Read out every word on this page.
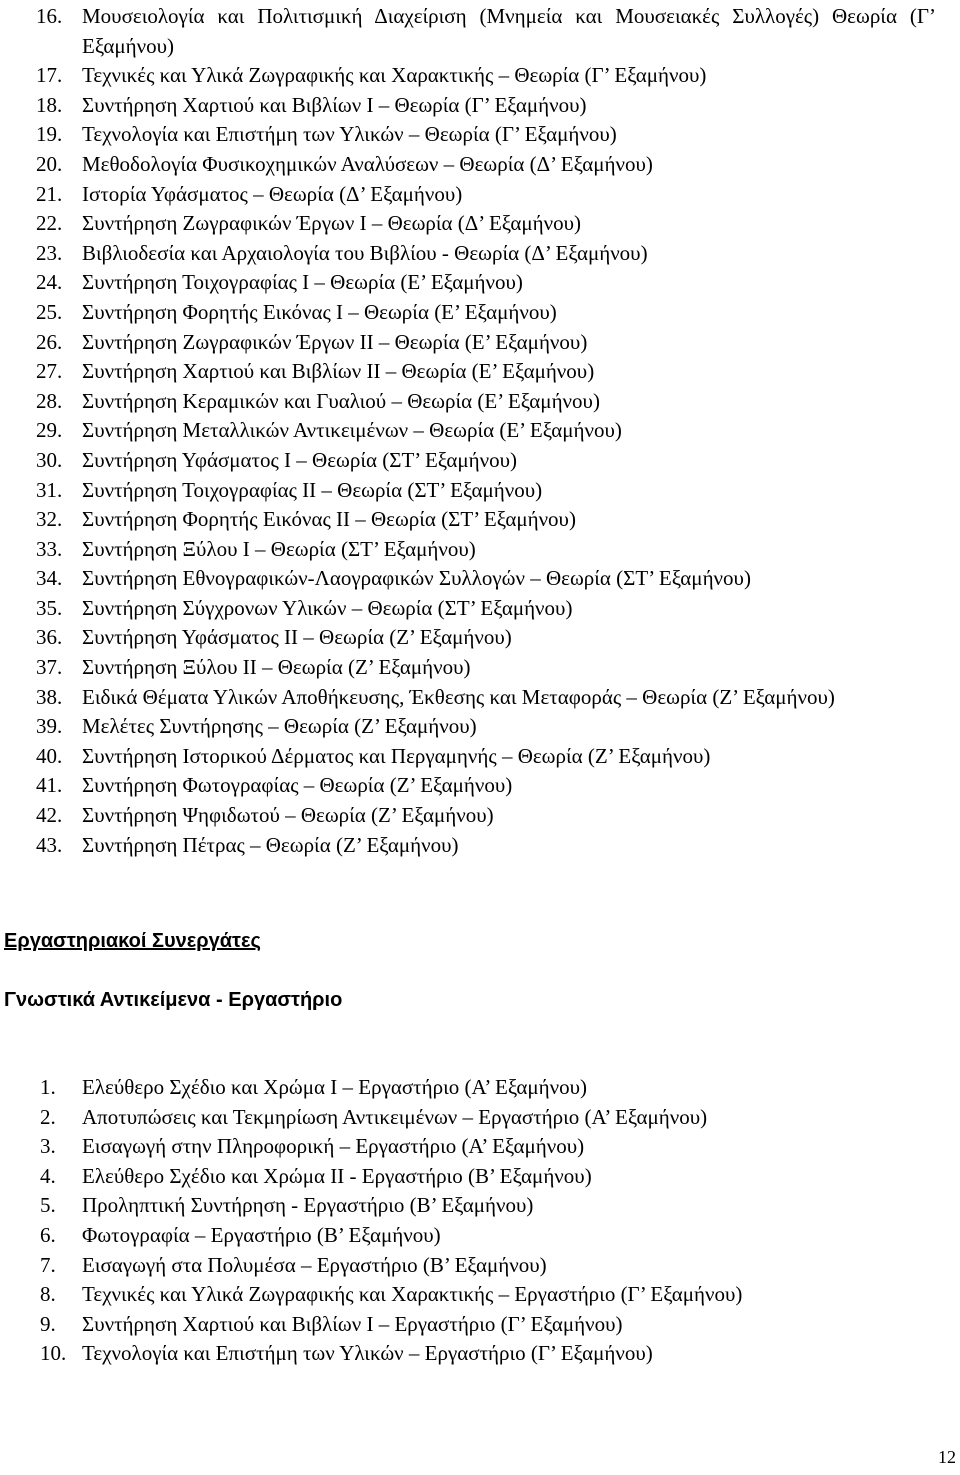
16. Μουσειολογία και Πολιτισμική Διαχείριση (Μνημεία και Μουσειακές Συλλογές) Θεωρία (Γ’ Εξαμήνου)
17. Τεχνικές και Υλικά Ζωγραφικής και Χαρακτικής – Θεωρία (Γ’ Εξαμήνου)
18. Συντήρηση Χαρτιού και Βιβλίων Ι – Θεωρία (Γ’ Εξαμήνου)
19. Τεχνολογία και Επιστήμη των Υλικών – Θεωρία (Γ’ Εξαμήνου)
20. Μεθοδολογία Φυσικοχημικών Αναλύσεων – Θεωρία (Δ’ Εξαμήνου)
21. Ιστορία Υφάσματος – Θεωρία (Δ’ Εξαμήνου)
22. Συντήρηση Ζωγραφικών Έργων Ι – Θεωρία (Δ’ Εξαμήνου)
23. Βιβλιοδεσία και Αρχαιολογία του Βιβλίου - Θεωρία (Δ’ Εξαμήνου)
24. Συντήρηση Τοιχογραφίας Ι – Θεωρία (Ε’ Εξαμήνου)
25. Συντήρηση Φορητής Εικόνας Ι – Θεωρία (Ε’ Εξαμήνου)
26. Συντήρηση Ζωγραφικών Έργων ΙΙ – Θεωρία (Ε’ Εξαμήνου)
27. Συντήρηση Χαρτιού και Βιβλίων ΙΙ – Θεωρία (Ε’ Εξαμήνου)
28. Συντήρηση Κεραμικών και Γυαλιού – Θεωρία (Ε’ Εξαμήνου)
29. Συντήρηση Μεταλλικών Αντικειμένων – Θεωρία (Ε’ Εξαμήνου)
30. Συντήρηση Υφάσματος Ι – Θεωρία (ΣΤ’ Εξαμήνου)
31. Συντήρηση Τοιχογραφίας ΙΙ – Θεωρία (ΣΤ’ Εξαμήνου)
32. Συντήρηση Φορητής Εικόνας ΙΙ – Θεωρία (ΣΤ’ Εξαμήνου)
33. Συντήρηση Ξύλου Ι – Θεωρία (ΣΤ’ Εξαμήνου)
34. Συντήρηση Εθνογραφικών-Λαογραφικών Συλλογών – Θεωρία (ΣΤ’ Εξαμήνου)
35. Συντήρηση Σύγχρονων Υλικών – Θεωρία (ΣΤ’ Εξαμήνου)
36. Συντήρηση Υφάσματος ΙΙ – Θεωρία (Ζ’ Εξαμήνου)
37. Συντήρηση Ξύλου ΙΙ – Θεωρία (Ζ’ Εξαμήνου)
38. Ειδικά Θέματα Υλικών Αποθήκευσης, Έκθεσης και Μεταφοράς – Θεωρία (Ζ’ Εξαμήνου)
39. Μελέτες Συντήρησης – Θεωρία (Ζ’ Εξαμήνου)
40. Συντήρηση Ιστορικού Δέρματος και Περγαμηνής – Θεωρία (Ζ’ Εξαμήνου)
41. Συντήρηση Φωτογραφίας – Θεωρία (Ζ’ Εξαμήνου)
42. Συντήρηση Ψηφιδωτού – Θεωρία (Ζ’ Εξαμήνου)
43. Συντήρηση Πέτρας – Θεωρία (Ζ’ Εξαμήνου)
Εργαστηριακοί Συνεργάτες
Γνωστικά Αντικείμενα - Εργαστήριο
1. Ελεύθερο Σχέδιο και Χρώμα Ι – Εργαστήριο (Α’ Εξαμήνου)
2. Αποτυπώσεις και Τεκμηρίωση Αντικειμένων – Εργαστήριο (Α’ Εξαμήνου)
3. Εισαγωγή στην Πληροφορική – Εργαστήριο (Α’ Εξαμήνου)
4. Ελεύθερο Σχέδιο και Χρώμα ΙΙ - Εργαστήριο (Β’ Εξαμήνου)
5. Προληπτική Συντήρηση - Εργαστήριο (Β’ Εξαμήνου)
6. Φωτογραφία – Εργαστήριο (Β’ Εξαμήνου)
7. Εισαγωγή στα Πολυμέσα – Εργαστήριο (Β’ Εξαμήνου)
8. Τεχνικές και Υλικά Ζωγραφικής και Χαρακτικής – Εργαστήριο (Γ’ Εξαμήνου)
9. Συντήρηση Χαρτιού και Βιβλίων Ι – Εργαστήριο (Γ’ Εξαμήνου)
10. Τεχνολογία και Επιστήμη των Υλικών – Εργαστήριο (Γ’ Εξαμήνου)
12
